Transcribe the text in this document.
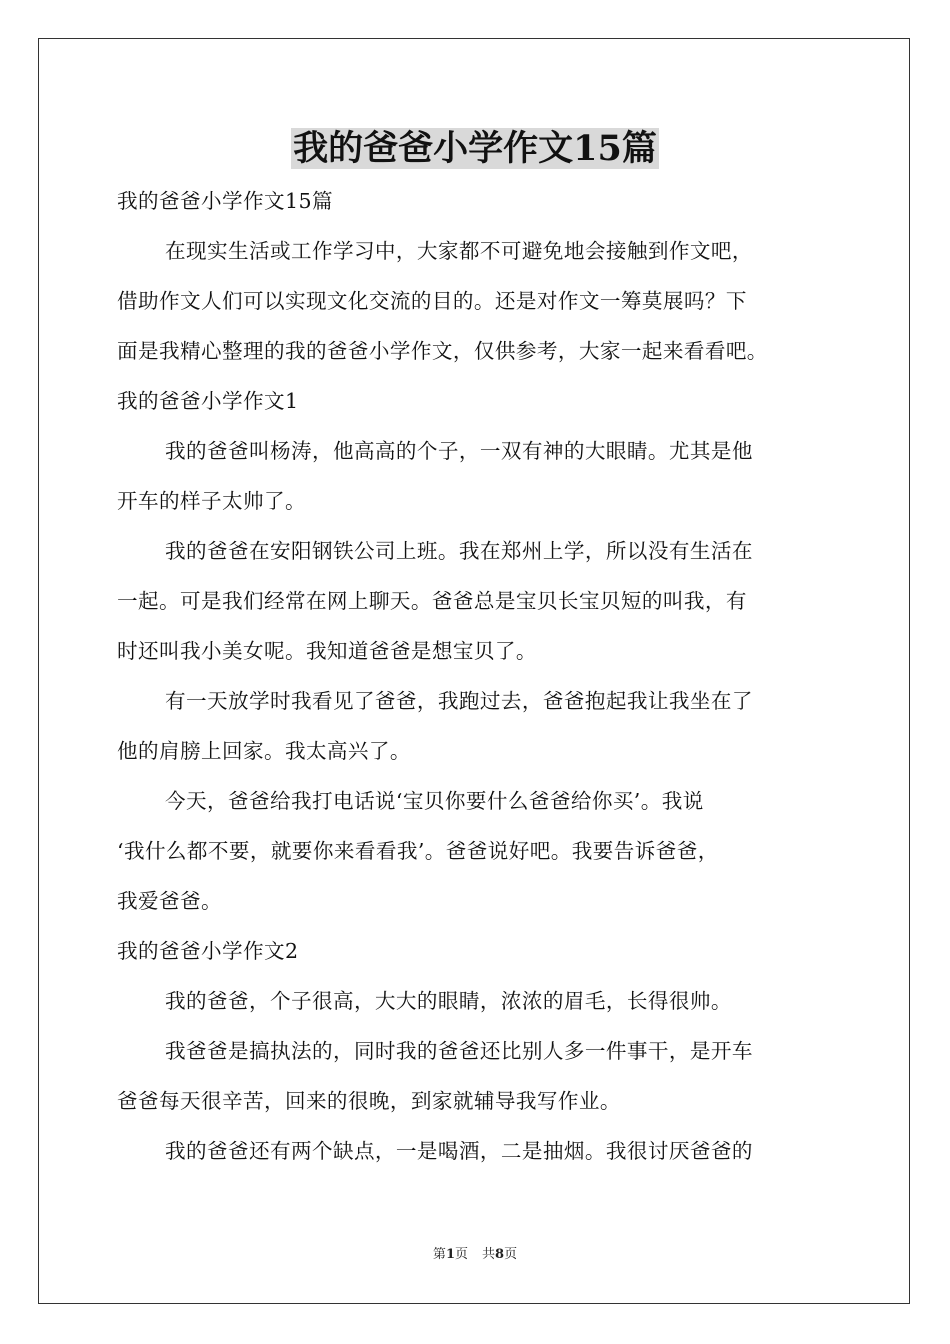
我的爸爸小学作文15篇
我的爸爸小学作文15篇
在现实生活或工作学习中，大家都不可避免地会接触到作文吧，
借助作文人们可以实现文化交流的目的。还是对作文一筹莫展吗？下
面是我精心整理的我的爸爸小学作文，仅供参考，大家一起来看看吧。
我的爸爸小学作文1
我的爸爸叫杨涛，他高高的个子，一双有神的大眼睛。尤其是他
开车的样子太帅了。
我的爸爸在安阳钢铁公司上班。我在郑州上学，所以没有生活在
一起。可是我们经常在网上聊天。爸爸总是宝贝长宝贝短的叫我，有
时还叫我小美女呢。我知道爸爸是想宝贝了。
有一天放学时我看见了爸爸，我跑过去，爸爸抱起我让我坐在了
他的肩膀上回家。我太高兴了。
今天，爸爸给我打电话说‘宝贝你要什么爸爸给你买’。我说
‘我什么都不要，就要你来看看我’。爸爸说好吧。我要告诉爸爸，
我爱爸爸。
我的爸爸小学作文2
我的爸爸，个子很高，大大的眼睛，浓浓的眉毛，长得很帅。
我爸爸是搞执法的，同时我的爸爸还比别人多一件事干，是开车
爸爸每天很辛苦，回来的很晚，到家就辅导我写作业。
我的爸爸还有两个缺点，一是喝酒，二是抽烟。我很讨厌爸爸的
第1页 共8页
